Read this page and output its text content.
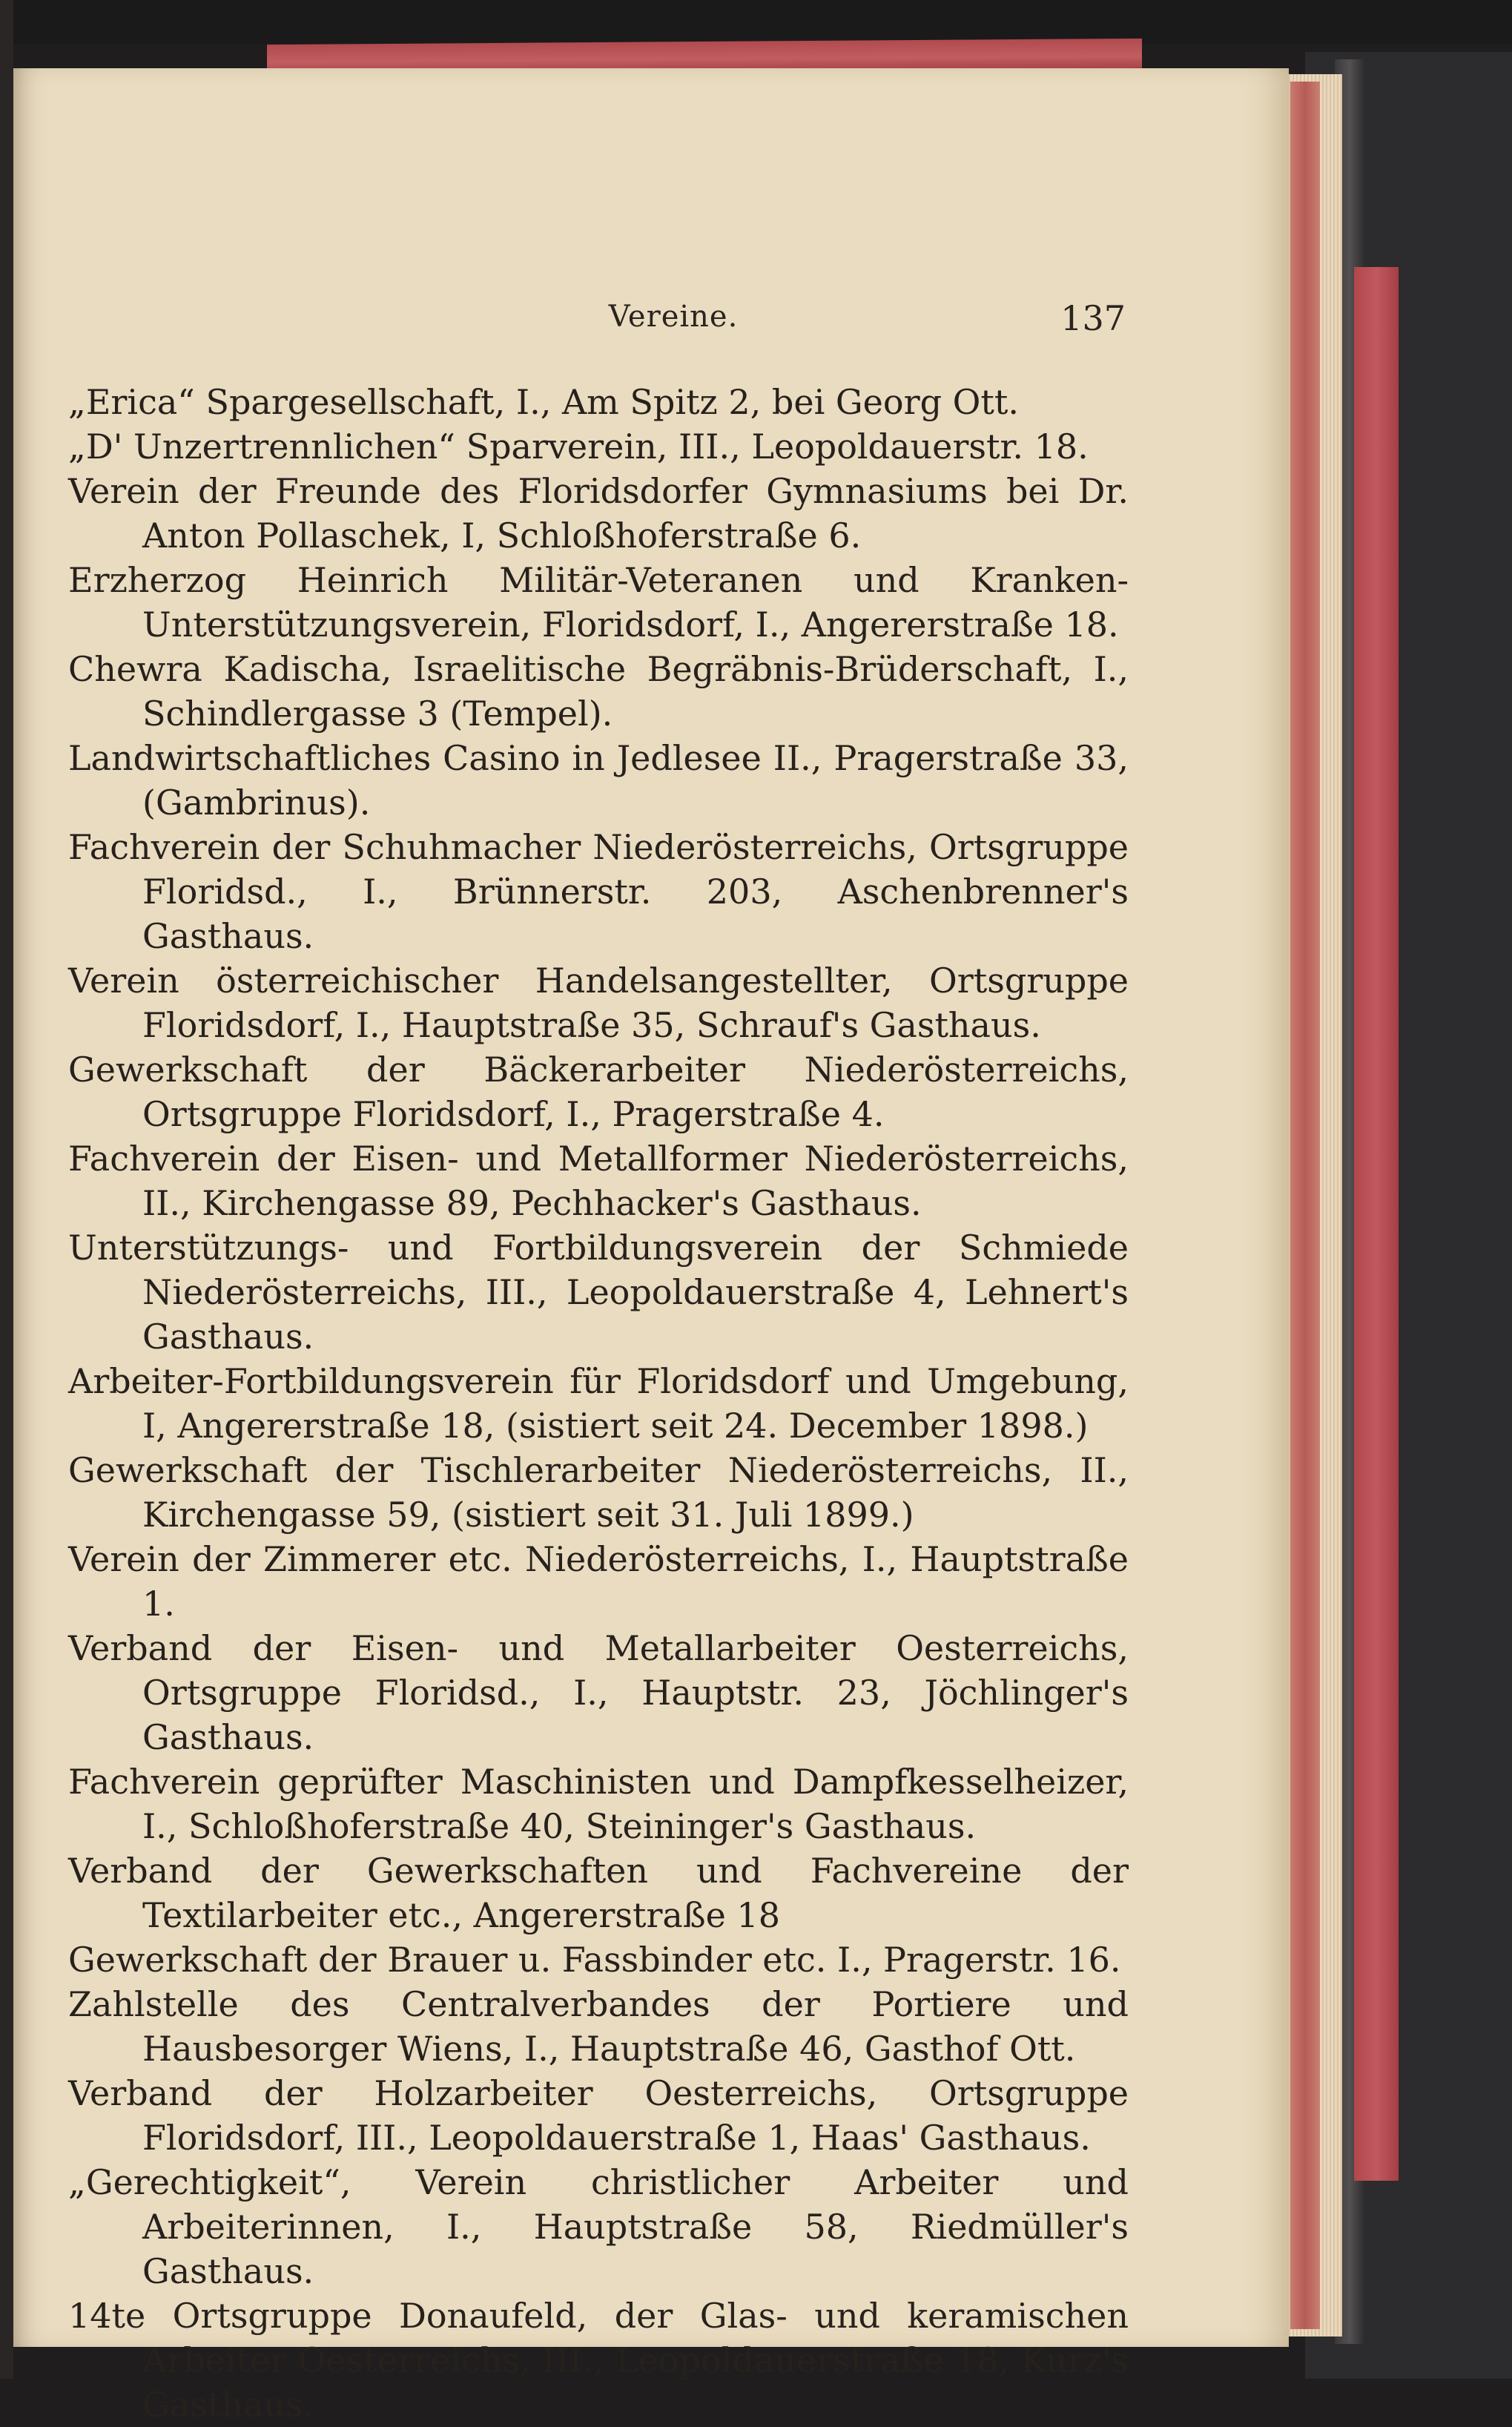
Vereine.	137
„Erica“ Spargesellschaft, I., Am Spitz 2, bei Georg Ott.
„D' Unzertrennlichen“ Sparverein, III., Leopoldauerstr. 18.
Verein der Freunde des Floridsdorfer Gymnasiums bei Dr. Anton Pollaschek, I, Schloßhoferstraße 6.
Erzherzog Heinrich Militär-Veteranen und Kranken-Unterstützungsverein, Floridsdorf, I., Angererstraße 18.
Chewra Kadischa, Israelitische Begräbnis-Brüderschaft, I., Schindlergasse 3 (Tempel).
Landwirtschaftliches Casino in Jedlesee II., Pragerstraße 33, (Gambrinus).
Fachverein der Schuhmacher Niederösterreichs, Ortsgruppe Floridsd., I., Brünnerstr. 203, Aschenbrenner's Gasthaus.
Verein österreichischer Handelsangestellter, Ortsgruppe Floridsdorf, I., Hauptstraße 35, Schrauf's Gasthaus.
Gewerkschaft der Bäckerarbeiter Niederösterreichs, Ortsgruppe Floridsdorf, I., Pragerstraße 4.
Fachverein der Eisen- und Metallformer Niederösterreichs, II., Kirchengasse 89, Pechhacker's Gasthaus.
Unterstützungs- und Fortbildungsverein der Schmiede Niederösterreichs, III., Leopoldauerstraße 4, Lehnert's Gasthaus.
Arbeiter-Fortbildungsverein für Floridsdorf und Umgebung, I, Angererstraße 18, (sistiert seit 24. December 1898.)
Gewerkschaft der Tischlerarbeiter Niederösterreichs, II., Kirchengasse 59, (sistiert seit 31. Juli 1899.)
Verein der Zimmerer etc. Niederösterreichs, I., Hauptstraße 1.
Verband der Eisen- und Metallarbeiter Oesterreichs, Ortsgruppe Floridsd., I., Hauptstr. 23, Jöchlinger's Gasthaus.
Fachverein geprüfter Maschinisten und Dampfkesselheizer, I., Schloßhoferstraße 40, Steininger's Gasthaus.
Verband der Gewerkschaften und Fachvereine der Textilarbeiter etc., Angererstraße 18
Gewerkschaft der Brauer u. Fassbinder etc. I., Pragerstr. 16.
Zahlstelle des Centralverbandes der Portiere und Hausbesorger Wiens, I., Hauptstraße 46, Gasthof Ott.
Verband der Holzarbeiter Oesterreichs, Ortsgruppe Floridsdorf, III., Leopoldauerstraße 1, Haas' Gasthaus.
„Gerechtigkeit“, Verein christlicher Arbeiter und Arbeiterinnen, I., Hauptstraße 58, Riedmüller's Gasthaus.
14te Ortsgruppe Donaufeld, der Glas- und keramischen Arbeiter Oesterreichs, III., Leopoldauerstraße 18, Kurz's Gasthaus.
